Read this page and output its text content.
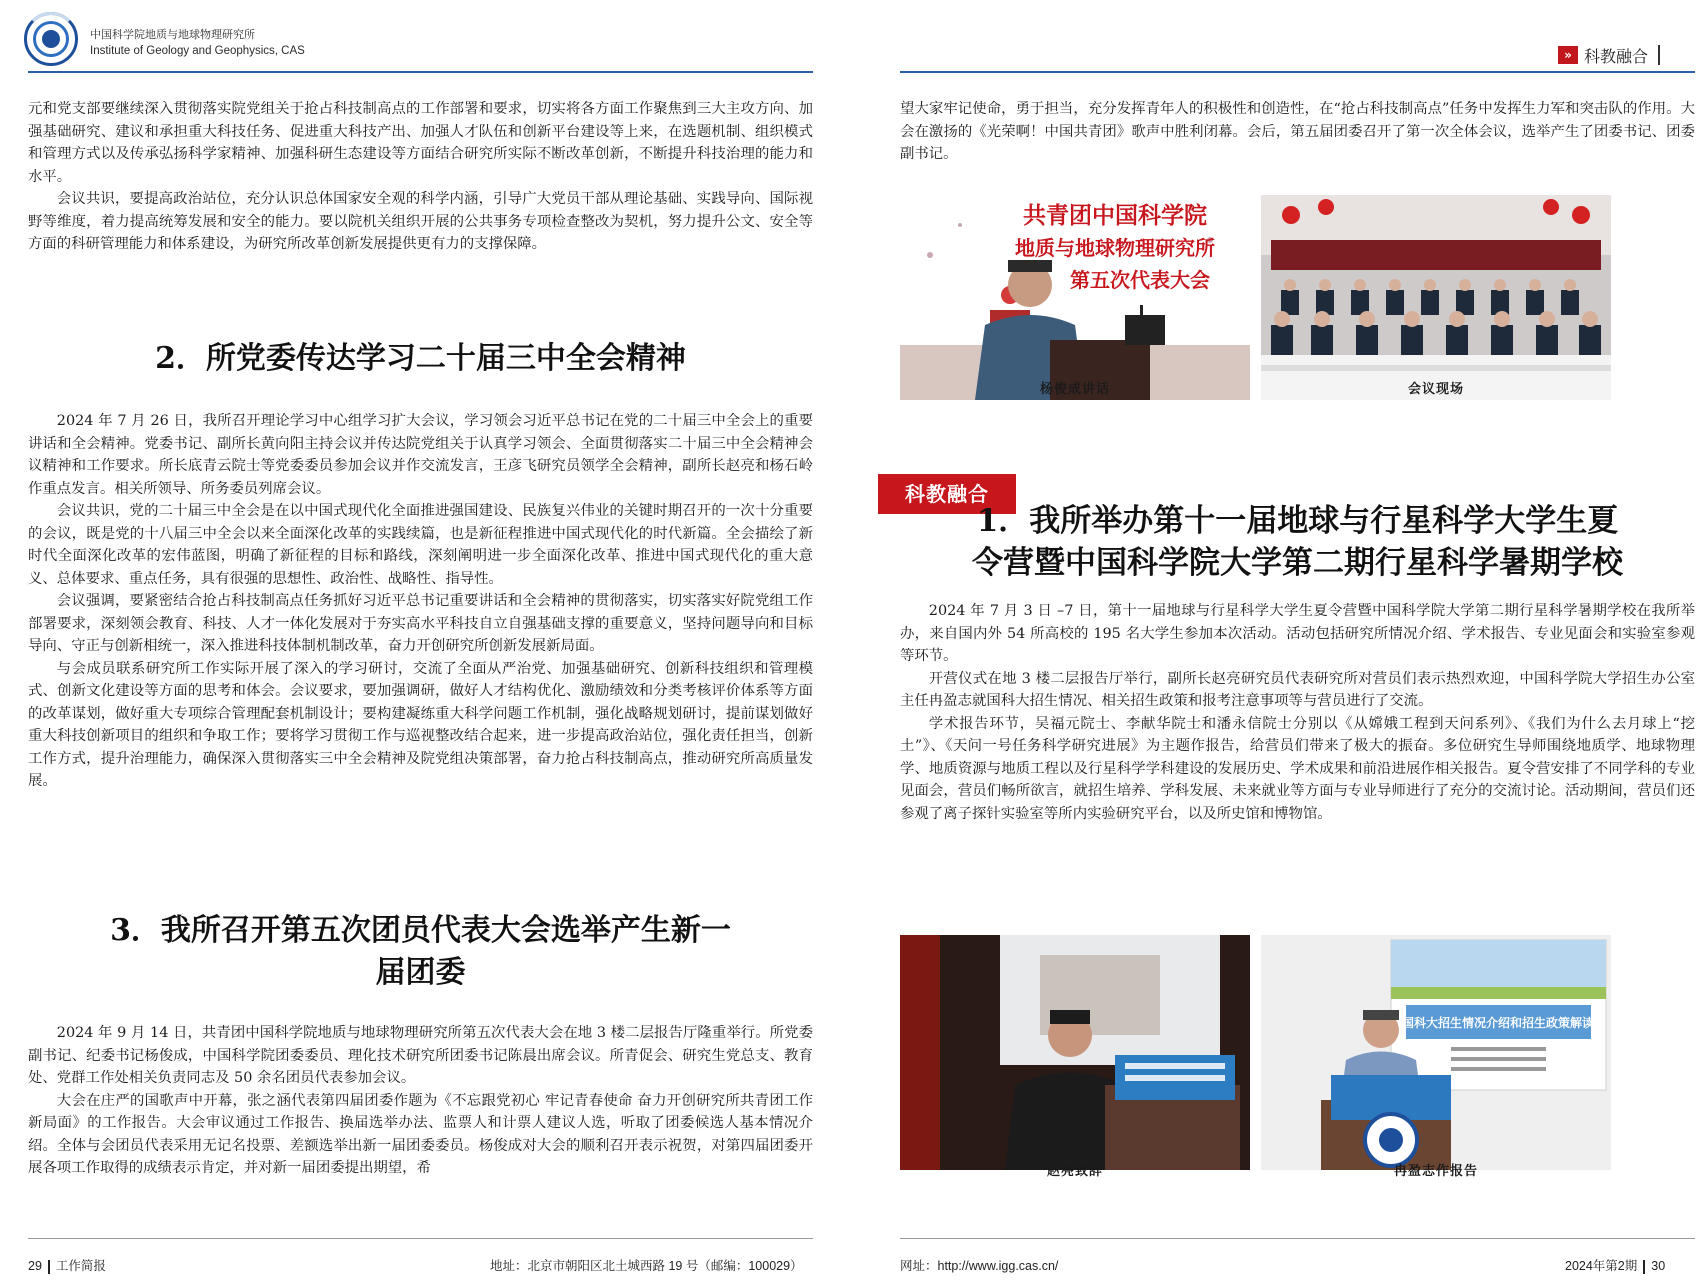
中国科学院地质与地球物理研究所
Institute of Geology and Geophysics, CAS

元和党支部要继续深入贯彻落实院党组关于抢占科技制高点的工作部署和要求，切实将各方面工作聚焦到三大主攻方向、加强基础研究、建议和承担重大科技任务、促进重大科技产出、加强人才队伍和创新平台建设等上来，在选题机制、组织模式和管理方式以及传承弘扬科学家精神、加强科研生态建设等方面结合研究所实际不断改革创新，不断提升科技治理的能力和水平。

会议共识，要提高政治站位，充分认识总体国家安全观的科学内涵，引导广大党员干部从理论基础、实践导向、国际视野等维度，着力提高统筹发展和安全的能力。要以院机关组织开展的公共事务专项检查整改为契机，努力提升公文、安全等方面的科研管理能力和体系建设，为研究所改革创新发展提供更有力的支撑保障。

2．所党委传达学习二十届三中全会精神

2024 年 7 月 26 日，我所召开理论学习中心组学习扩大会议，学习领会习近平总书记在党的二十届三中全会上的重要讲话和全会精神。党委书记、副所长黄向阳主持会议并传达院党组关于认真学习领会、全面贯彻落实二十届三中全会精神会议精神和工作要求。所长底青云院士等党委委员参加会议并作交流发言，王彦飞研究员领学全会精神，副所长赵亮和杨石岭作重点发言。相关所领导、所务委员列席会议。

会议共识，党的二十届三中全会是在以中国式现代化全面推进强国建设、民族复兴伟业的关键时期召开的一次十分重要的会议，既是党的十八届三中全会以来全面深化改革的实践续篇，也是新征程推进中国式现代化的时代新篇。全会描绘了新时代全面深化改革的宏伟蓝图，明确了新征程的目标和路线，深刻阐明进一步全面深化改革、推进中国式现代化的重大意义、总体要求、重点任务，具有很强的思想性、政治性、战略性、指导性。

会议强调，要紧密结合抢占科技制高点任务抓好习近平总书记重要讲话和全会精神的贯彻落实，切实落实好院党组工作部署要求，深刻领会教育、科技、人才一体化发展对于夯实高水平科技自立自强基础支撑的重要意义，坚持问题导向和目标导向、守正与创新相统一，深入推进科技体制机制改革，奋力开创研究所创新发展新局面。

与会成员联系研究所工作实际开展了深入的学习研讨，交流了全面从严治党、加强基础研究、创新科技组织和管理模式、创新文化建设等方面的思考和体会。会议要求，要加强调研，做好人才结构优化、激励绩效和分类考核评价体系等方面的改革谋划，做好重大专项综合管理配套机制设计；要构建凝练重大科学问题工作机制，强化战略规划研讨，提前谋划做好重大科技创新项目的组织和争取工作；要将学习贯彻工作与巡视整改结合起来，进一步提高政治站位，强化责任担当，创新工作方式，提升治理能力，确保深入贯彻落实三中全会精神及院党组决策部署，奋力抢占科技制高点，推动研究所高质量发展。

3．我所召开第五次团员代表大会选举产生新一
届团委

2024 年 9 月 14 日，共青团中国科学院地质与地球物理研究所第五次代表大会在地 3 楼二层报告厅隆重举行。所党委副书记、纪委书记杨俊成，中国科学院团委委员、理化技术研究所团委书记陈晨出席会议。所青促会、研究生党总支、教育处、党群工作处相关负责同志及 50 余名团员代表参加会议。

大会在庄严的国歌声中开幕，张之涵代表第四届团委作题为《不忘跟党初心 牢记青春使命 奋力开创研究所共青团工作新局面》的工作报告。大会审议通过工作报告、换届选举办法、监票人和计票人建议人选，听取了团委候选人基本情况介绍。全体与会团员代表采用无记名投票、差额选举出新一届团委委员。杨俊成对大会的顺利召开表示祝贺，对第四届团委开展各项工作取得的成绩表示肯定，并对新一届团委提出期望，希

29 工作简报	地址：北京市朝阳区北土城西路 19 号（邮编：100029）
» 科教融合

望大家牢记使命，勇于担当，充分发挥青年人的积极性和创造性，在“抢占科技制高点”任务中发挥生力军和突击队的作用。大会在激扬的《光荣啊！中国共青团》歌声中胜利闭幕。会后，第五届团委召开了第一次全体会议，选举产生了团委书记、团委副书记。

共青团中国科学院
地质与地球物理研究所
第五次代表大会
杨俊成讲话	会议现场
科教融合
1．我所举办第十一届地球与行星科学大学生夏
令营暨中国科学院大学第二期行星科学暑期学校

2024 年 7 月 3 日 –7 日，第十一届地球与行星科学大学生夏令营暨中国科学院大学第二期行星科学暑期学校在我所举办，来自国内外 54 所高校的 195 名大学生参加本次活动。活动包括研究所情况介绍、学术报告、专业见面会和实验室参观等环节。

开营仪式在地 3 楼二层报告厅举行，副所长赵亮研究员代表研究所对营员们表示热烈欢迎，中国科学院大学招生办公室主任冉盈志就国科大招生情况、相关招生政策和报考注意事项等与营员进行了交流。

学术报告环节，吴福元院士、李献华院士和潘永信院士分别以《从嫦娥工程到天问系列》、《我们为什么去月球上“挖土”》、《天问一号任务科学研究进展》为主题作报告，给营员们带来了极大的振奋。多位研究生导师围绕地质学、地球物理学、地质资源与地质工程以及行星科学学科建设的发展历史、学术成果和前沿进展作相关报告。夏令营安排了不同学科的专业见面会，营员们畅所欲言，就招生培养、学科发展、未来就业等方面与专业导师进行了充分的交流讨论。活动期间，营员们还参观了离子探针实验室等所内实验研究平台，以及所史馆和博物馆。

赵亮致辞
国科大招生情况介绍和招生政策解读
冉盈志作报告
网址：http://www.igg.cas.cn/	2024年第2期 30
